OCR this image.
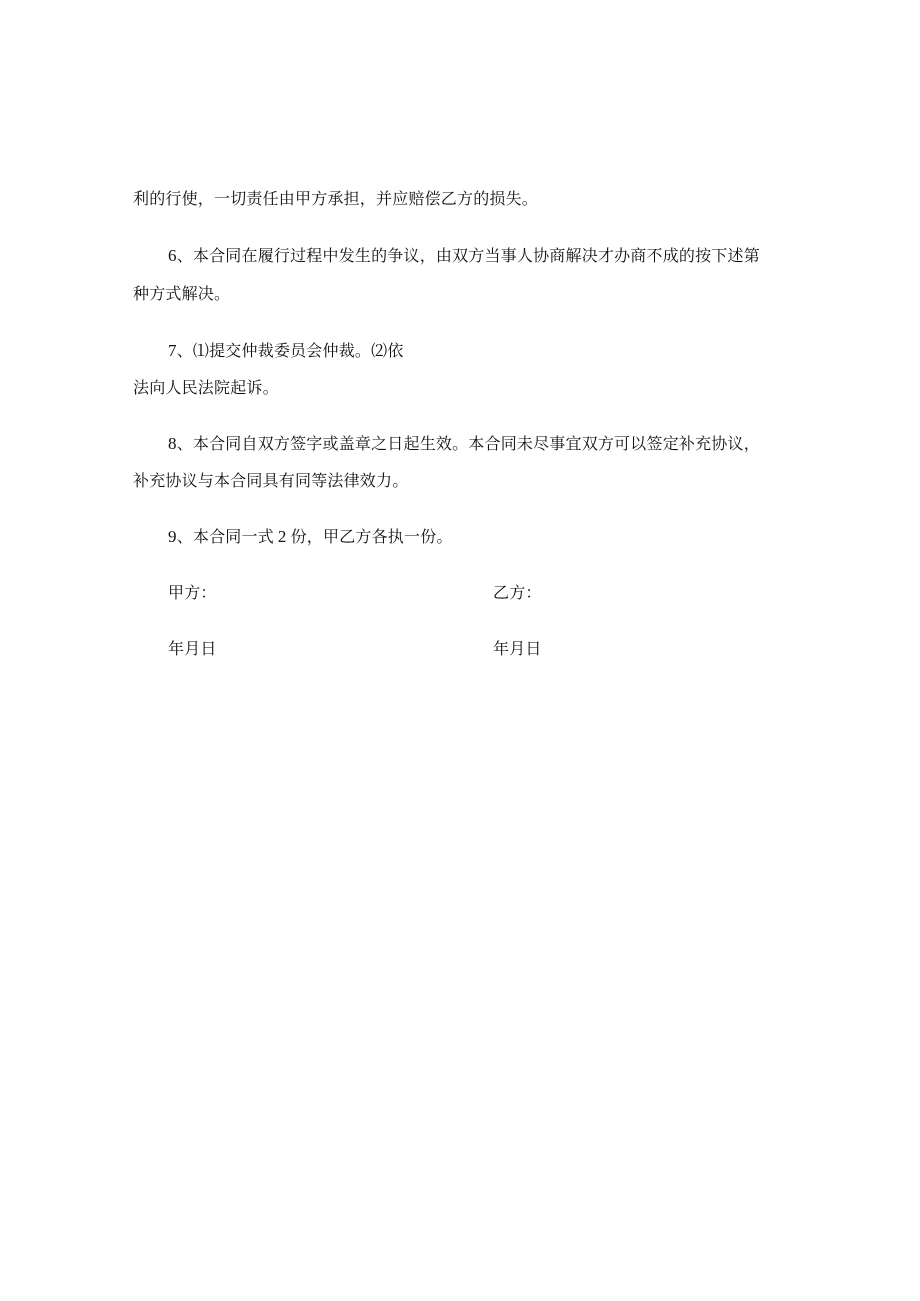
利的行使，一切责任由甲方承担，并应赔偿乙方的损失。
6、本合同在履行过程中发生的争议，由双方当事人协商解决才办商不成的按下述第
种方式解决。
7、⑴提交仲裁委员会仲裁。⑵依
法向人民法院起诉。
8、本合同自双方签字或盖章之日起生效。本合同未尽事宜双方可以签定补充协议，
补充协议与本合同具有同等法律效力。
9、本合同一式 2 份，甲乙方各执一份。
甲方：	乙方：
年月日	年月日
